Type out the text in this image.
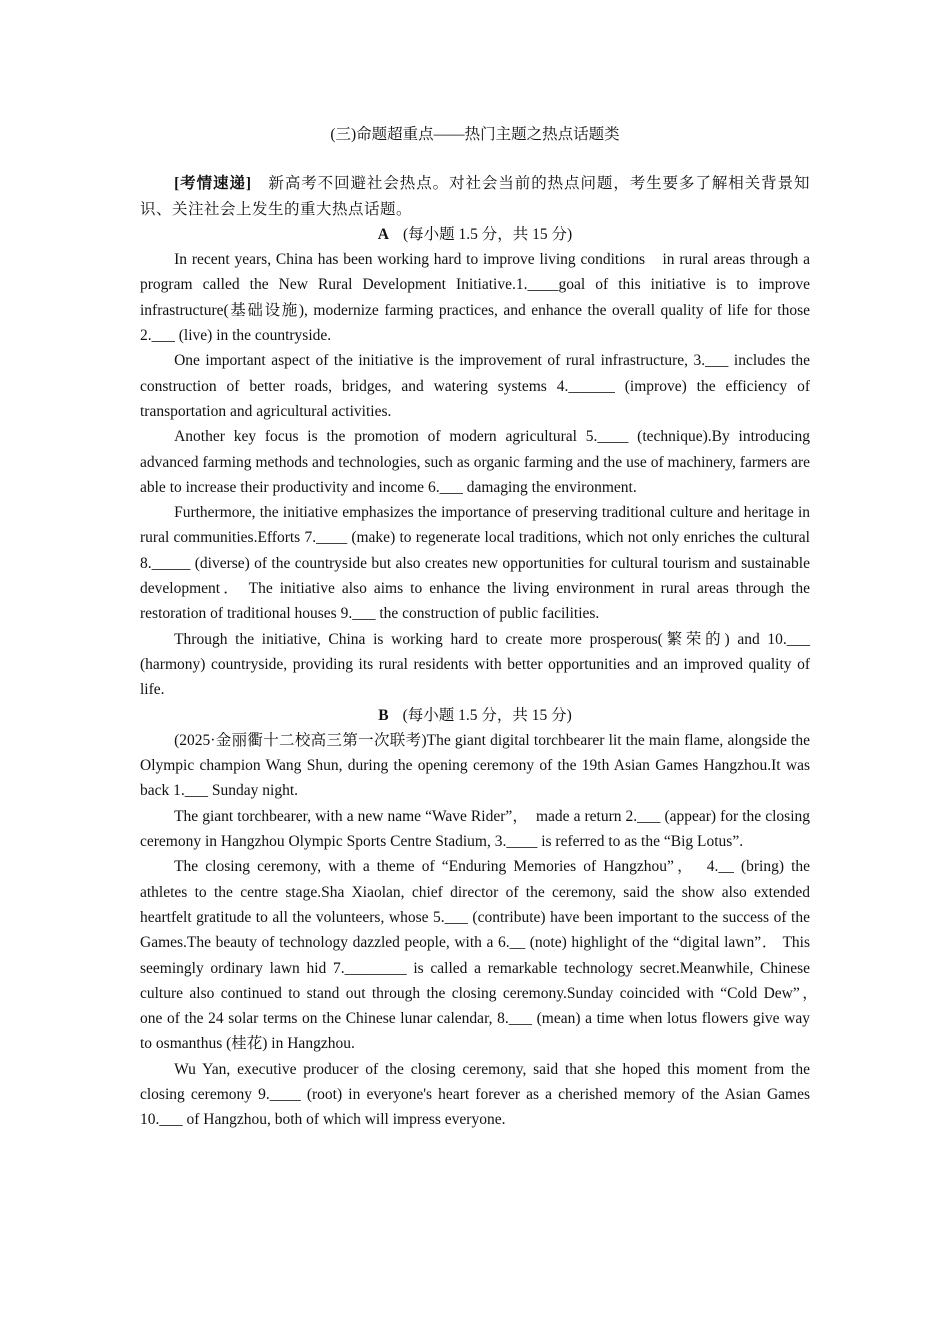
(三)命题超重点——热门主题之热点话题类

[考情速递]　新高考不回避社会热点。对社会当前的热点问题，考生要多了解相关背景知识、关注社会上发生的重大热点话题。

A (每小题 1.5 分，共 15 分)

In recent years, China has been working hard to improve living conditions　in rural areas through a program called the New Rural Development Initiative.1.____goal of this initiative is to improve infrastructure(基础设施), modernize farming practices, and enhance the overall quality of life for those 2.___ (live) in the countryside.

One important aspect of the initiative is the improvement of rural infrastructure, 3.___ includes the construction of better roads, bridges, and watering systems 4.______ (improve) the efficiency of transportation and agricultural activities.

Another key focus is the promotion of modern agricultural 5.____ (technique).By introducing advanced farming methods and technologies, such as organic farming and the use of machinery, farmers are able to increase their productivity and income 6.___ damaging the environment.

Furthermore, the initiative emphasizes the importance of preserving traditional culture and heritage in rural communities.Efforts 7.____ (make) to regenerate local traditions, which not only enriches the cultural 8._____ (diverse) of the countryside but also creates new opportunities for cultural tourism and sustainable development． The initiative also aims to enhance the living environment in rural areas through the restoration of traditional houses 9.___ the construction of public facilities.

Through the initiative, China is working hard to create more prosperous(繁荣的) and 10.___ (harmony) countryside, providing its rural residents with better opportunities and an improved quality of life.

B (每小题 1.5 分，共 15 分)

(2025·金丽衢十二校高三第一次联考)The giant digital torchbearer lit the main flame, alongside the Olympic champion Wang Shun, during the opening ceremony of the 19th Asian Games Hangzhou.It was back 1.___ Sunday night.

The giant torchbearer, with a new name “Wave Rider”，　made a return 2.___ (appear) for the closing ceremony in Hangzhou Olympic Sports Centre Stadium, 3.____ is referred to as the “Big Lotus”.

The closing ceremony, with a theme of “Enduring Memories of Hangzhou”，　4.__ (bring) the athletes to the centre stage.Sha Xiaolan, chief director of the ceremony, said the show also extended heartfelt gratitude to all the volunteers, whose 5.___ (contribute) have been important to the success of the Games.The beauty of technology dazzled people, with a 6.__ (note) highlight of the “digital lawn”． This seemingly ordinary lawn hid 7.________ is called a remarkable technology secret.Meanwhile, Chinese culture also continued to stand out through the closing ceremony.Sunday coincided with “Cold Dew”，　one of the 24 solar terms on the Chinese lunar calendar, 8.___ (mean) a time when lotus flowers give way to osmanthus (桂花) in Hangzhou.

Wu Yan, executive producer of the closing ceremony, said that she hoped this moment from the closing ceremony 9.____ (root) in everyone's heart forever as a cherished memory of the Asian Games 10.___ of Hangzhou, both of which will impress everyone.
